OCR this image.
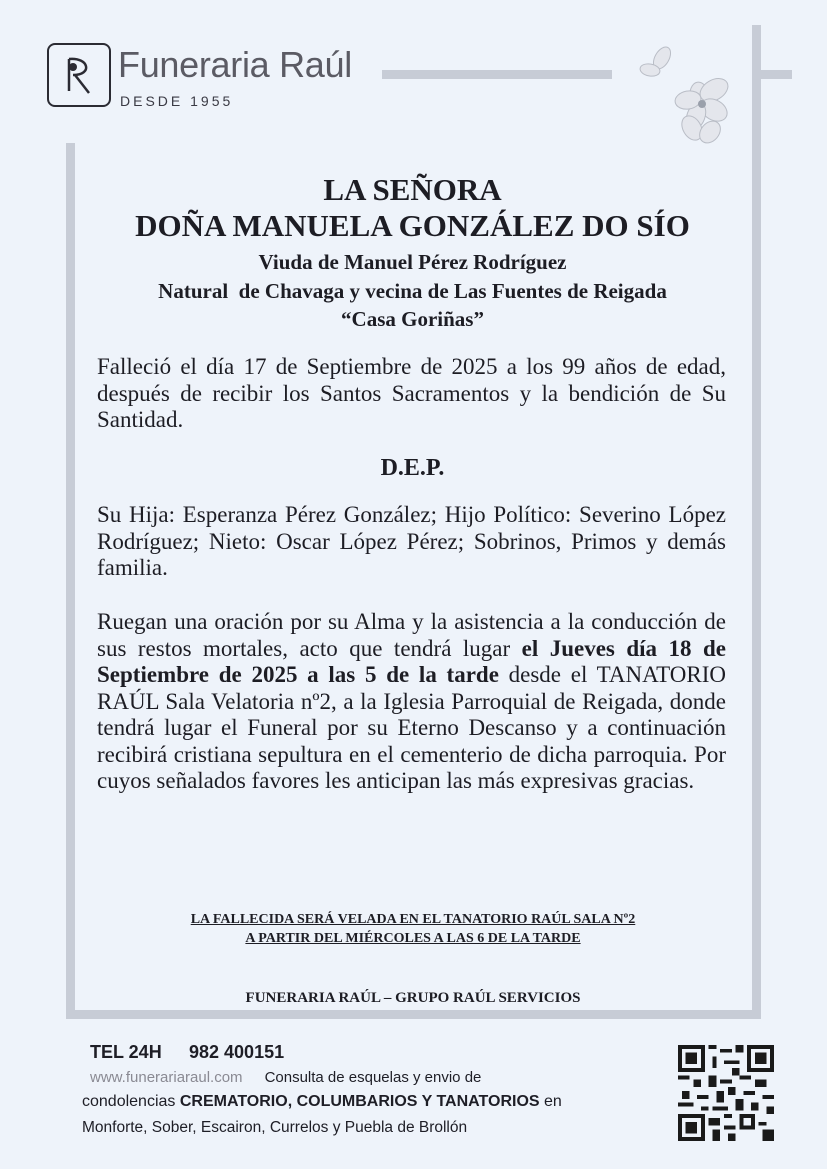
Funeraria Raúl
DESDE 1955
LA SEÑORA
DOÑA MANUELA GONZÁLEZ DO SÍO
Viuda de Manuel Pérez Rodríguez
Natural  de Chavaga y vecina de Las Fuentes de Reigada
“Casa Goriñas”
Falleció el día 17 de Septiembre de 2025 a los 99 años de edad, después de recibir los Santos Sacramentos y la bendición de Su Santidad.
D.E.P.
Su Hija: Esperanza Pérez González; Hijo Político: Severino López Rodríguez; Nieto: Oscar López Pérez; Sobrinos, Primos y demás familia.
Ruegan una oración por su Alma y la asistencia a la conducción de sus restos mortales, acto que tendrá lugar el Jueves día 18 de Septiembre de 2025 a las 5 de la tarde desde el TANATORIO RAÚL Sala Velatoria nº2, a la Iglesia Parroquial de Reigada, donde tendrá lugar el Funeral por su Eterno Descanso y a continuación recibirá cristiana sepultura en el cementerio de dicha parroquia. Por cuyos señalados favores les anticipan las más expresivas gracias.
LA FALLECIDA SERÁ VELADA EN EL TANATORIO RAÚL SALA Nº2
A PARTIR DEL MIÉRCOLES A LAS 6 DE LA TARDE
FUNERARIA RAÚL – GRUPO RAÚL SERVICIOS
TEL 24H 982 400151
www.funerariaraul.com Consulta de esquelas y envio de
condolencias CREMATORIO, COLUMBARIOS Y TANATORIOS en
Monforte, Sober, Escairon, Currelos y Puebla de Brollón
